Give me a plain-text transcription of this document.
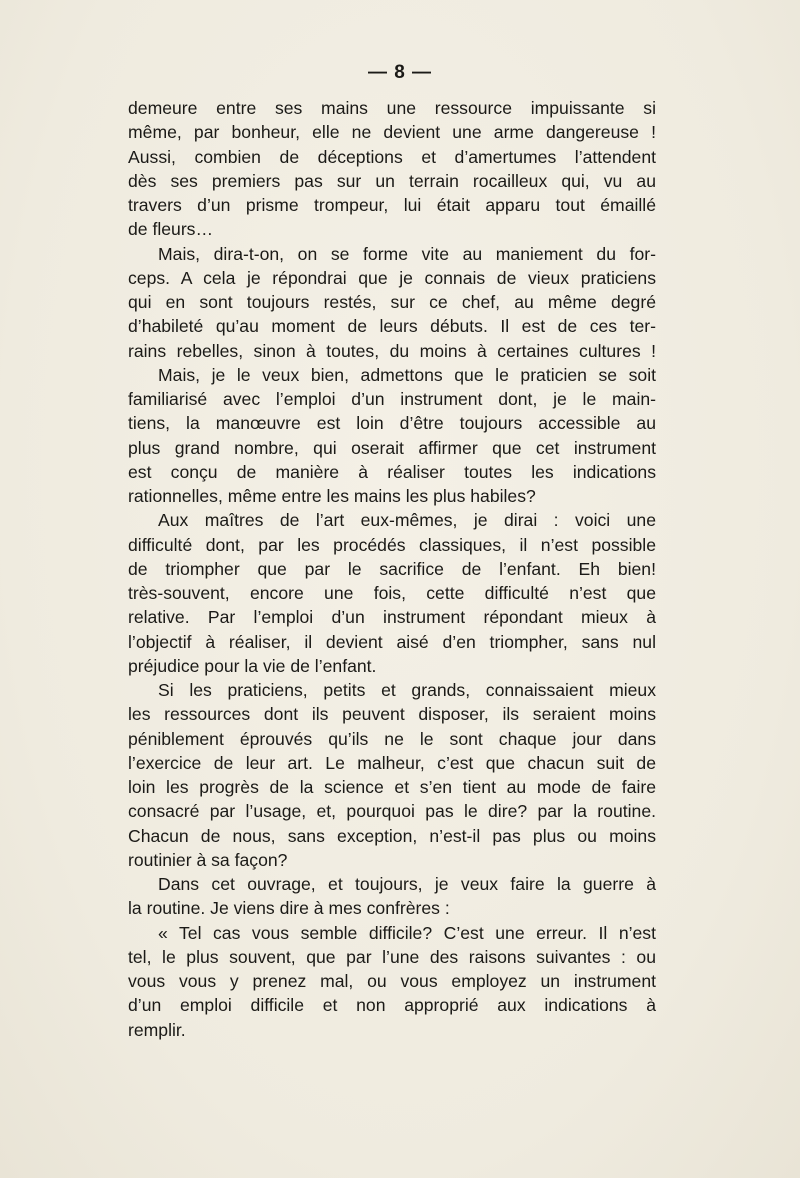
— 8 —
demeure entre ses mains une ressource impuissante si
même, par bonheur, elle ne devient une arme dangereuse !
Aussi, combien de déceptions et d’amertumes l’attendent
dès ses premiers pas sur un terrain rocailleux qui, vu au
travers d’un prisme trompeur, lui était apparu tout émaillé
de fleurs…
Mais, dira-t-on, on se forme vite au maniement du for-
ceps. A cela je répondrai que je connais de vieux praticiens
qui en sont toujours restés, sur ce chef, au même degré
d’habileté qu’au moment de leurs débuts. Il est de ces ter-
rains rebelles, sinon à toutes, du moins à certaines cultures !
Mais, je le veux bien, admettons que le praticien se soit
familiarisé avec l’emploi d’un instrument dont, je le main-
tiens, la manœuvre est loin d’être toujours accessible au
plus grand nombre, qui oserait affirmer que cet instrument
est conçu de manière à réaliser toutes les indications
rationnelles, même entre les mains les plus habiles?
Aux maîtres de l’art eux-mêmes, je dirai : voici une
difficulté dont, par les procédés classiques, il n’est possible
de triompher que par le sacrifice de l’enfant. Eh bien!
très-souvent, encore une fois, cette difficulté n’est que
relative. Par l’emploi d’un instrument répondant mieux à
l’objectif à réaliser, il devient aisé d’en triompher, sans nul
préjudice pour la vie de l’enfant.
Si les praticiens, petits et grands, connaissaient mieux
les ressources dont ils peuvent disposer, ils seraient moins
péniblement éprouvés qu’ils ne le sont chaque jour dans
l’exercice de leur art. Le malheur, c’est que chacun suit de
loin les progrès de la science et s’en tient au mode de faire
consacré par l’usage, et, pourquoi pas le dire? par la routine.
Chacun de nous, sans exception, n’est-il pas plus ou moins
routinier à sa façon?
Dans cet ouvrage, et toujours, je veux faire la guerre à
la routine. Je viens dire à mes confrères :
« Tel cas vous semble difficile? C’est une erreur. Il n’est
tel, le plus souvent, que par l’une des raisons suivantes : ou
vous vous y prenez mal, ou vous employez un instrument
d’un emploi difficile et non approprié aux indications à
remplir.
